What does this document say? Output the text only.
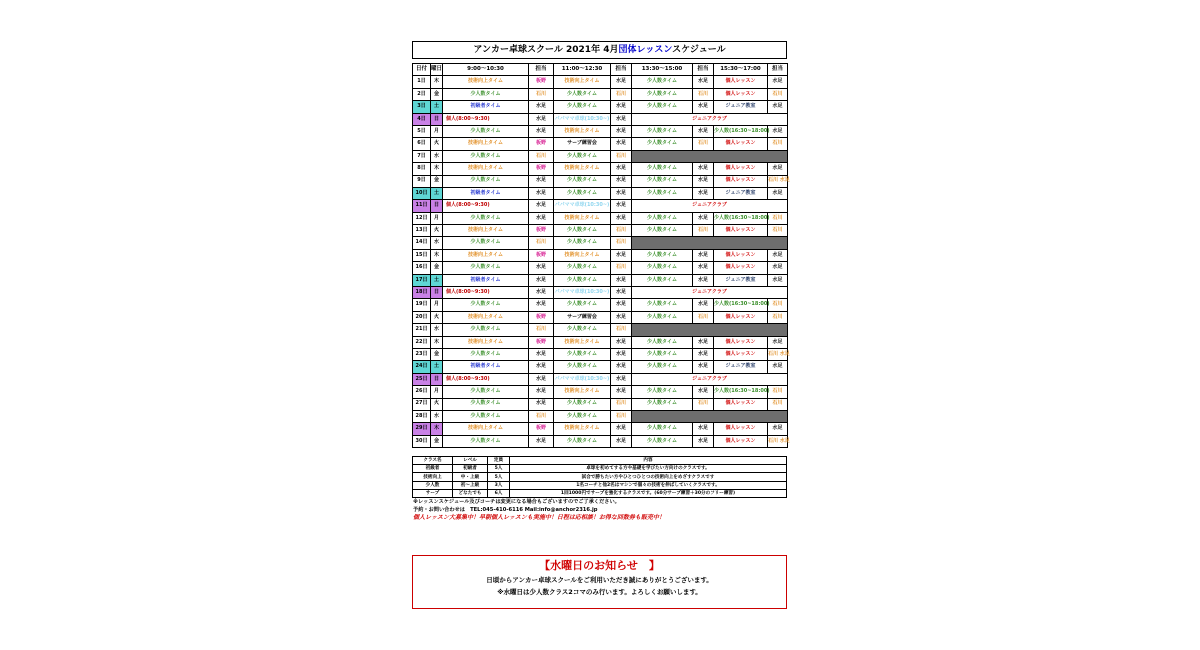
アンカー卓球スクール 2021年 4月団体レッスンスケジュール
日付	曜日	9:00〜10:30	担当	11:00〜12:30	担当	13:30〜15:00	担当	15:30〜17:00	担当
1日	木	技術向上タイム	板野	技術向上タイム	水足	少人数タイム	水足	個人レッスン	水足
2日	金	少人数タイム	石川	少人数タイム	石川	少人数タイム	石川	個人レッスン	石川
3日	土	初級者タイム	水足	少人数タイム	水足	少人数タイム	水足	ジュニア教室	水足
4日	日	個人(8:00~9:30)	水足	パパママ卓球(10:30~)	水足	ジュニアクラブ			
5日	月	少人数タイム	水足	技術向上タイム	水足	少人数タイム	水足	少人数(16:30~18:00)	水足
6日	火	技術向上タイム	板野	サーブ練習会	水足	少人数タイム	石川	個人レッスン	石川
7日	水	少人数タイム	石川	少人数タイム	石川				
8日	木	技術向上タイム	板野	技術向上タイム	水足	少人数タイム	水足	個人レッスン	水足
9日	金	少人数タイム	水足	少人数タイム	水足	少人数タイム	水足	個人レッスン	石川 水足
10日	土	初級者タイム	水足	少人数タイム	水足	少人数タイム	水足	ジュニア教室	水足
11日	日	個人(8:00~9:30)	水足	パパママ卓球(10:30~)	水足	ジュニアクラブ			
12日	月	少人数タイム	水足	技術向上タイム	水足	少人数タイム	水足	少人数(16:30~18:00)	石川
13日	火	技術向上タイム	板野	少人数タイム	石川	少人数タイム	石川	個人レッスン	石川
14日	水	少人数タイム	石川	少人数タイム	石川				
15日	木	技術向上タイム	板野	技術向上タイム	水足	少人数タイム	水足	個人レッスン	水足
16日	金	少人数タイム	水足	少人数タイム	石川	少人数タイム	水足	個人レッスン	水足
17日	土	初級者タイム	水足	少人数タイム	水足	少人数タイム	水足	ジュニア教室	水足
18日	日	個人(8:00~9:30)	水足	パパママ卓球(10:30~)	水足	ジュニアクラブ			
19日	月	少人数タイム	水足	少人数タイム	水足	少人数タイム	水足	少人数(16:30~18:00)	石川
20日	火	技術向上タイム	板野	サーブ練習会	水足	少人数タイム	石川	個人レッスン	石川
21日	水	少人数タイム	石川	少人数タイム	石川				
22日	木	技術向上タイム	板野	技術向上タイム	水足	少人数タイム	水足	個人レッスン	水足
23日	金	少人数タイム	水足	少人数タイム	水足	少人数タイム	水足	個人レッスン	石川 水足
24日	土	初級者タイム	水足	少人数タイム	水足	少人数タイム	水足	ジュニア教室	水足
25日	日	個人(8:00~9:30)	水足	パパママ卓球(10:30~)	水足	ジュニアクラブ			
26日	月	少人数タイム	水足	技術向上タイム	水足	少人数タイム	水足	少人数(16:30~18:00)	石川
27日	火	少人数タイム	水足	少人数タイム	石川	少人数タイム	石川	個人レッスン	石川
28日	水	少人数タイム	石川	少人数タイム	石川				
29日	木	技術向上タイム	板野	技術向上タイム	水足	少人数タイム	水足	個人レッスン	水足
30日	金	少人数タイム	水足	少人数タイム	水足	少人数タイム	水足	個人レッスン	石川 水足
クラス名	レベル	定員	内容
初級者	初級者	5人	卓球を初めてする方や基礎を学びたい方向けのクラスです。
技術向上	中・上級	5人	試合で勝ちたい方やひとつひとつの技術向上をめざすクラスです
少人数	初〜上級	3人	1名コーチと他2名はマシンで個々の技術を伸ばしていくクラスです。
サーブ	どなたでも	6人	1回1000円でサーブを強化するクラスです。(60分サーブ練習＋30分のフリー練習)
※レッスンスケジュール及びコーチは変更になる場合もございますのでご了承ください。
予約・お問い合わせは　TEL:045-410-6116 Mail:info@anchor2316.jp
個人レッスン大募集中！早朝個人レッスンも実施中！日程は応相談！お得な回数券も販売中！
【水曜日のお知らせ　】
日頃からアンカー卓球スクールをご利用いただき誠にありがとうございます。
※水曜日は少人数クラス2コマのみ行います。よろしくお願いします。
